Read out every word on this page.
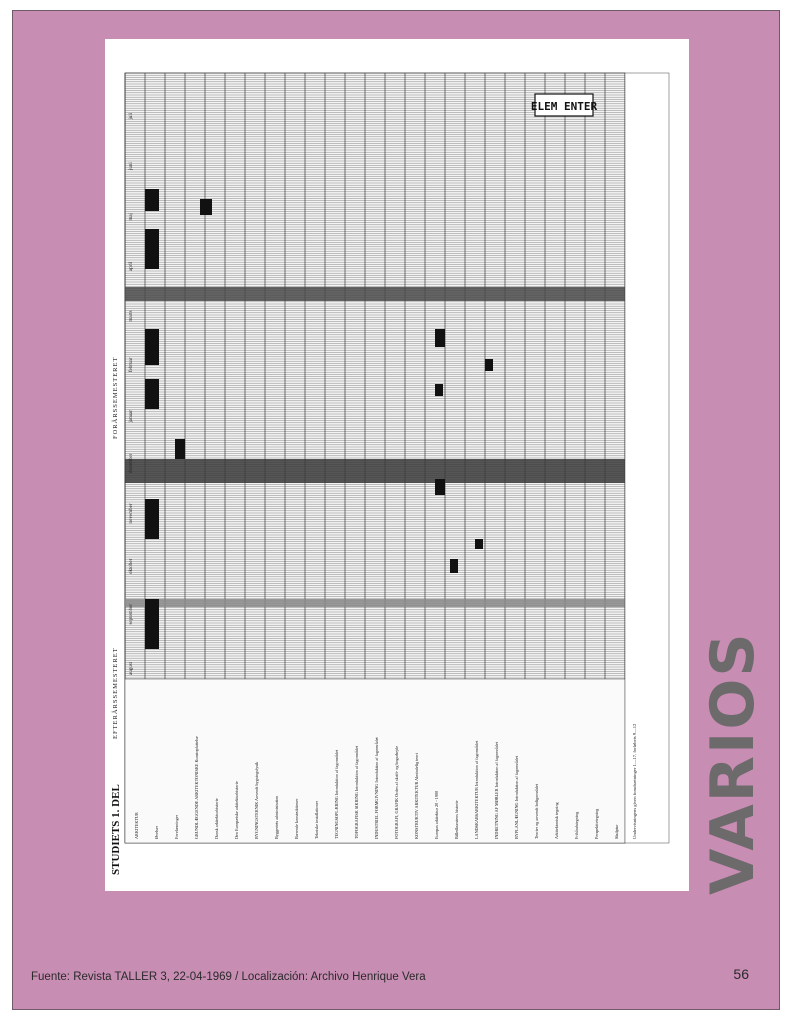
STUDIETS 1. DEL
EFTERÅRSSEMESTERET
FORÅRSSEMESTERET
august
september
oktober
november
december
januar
februar
marts
april
maj
juni
juli
ARKITEKTUR	Øvelser	Forelæsninger	GRUNDLÆGGENDE ARKITEKTONISKE Kunstopfattelse	Dansk arkitekturhistorie	Den Europæiske arkitekturhistorie	BYGNINGSTEKNIK Anvendt bygningsfysik	Byggeriets administration	Bærende konstruktioner	Tekniske installationer	TEGNINGSOPLÆRING Introduktion af fagområdet	TOPOGRAFISK SIKRING Introduktion af fagområdet	INDUSTRIEL FORMGIVNING Introduktion af fagområdet	FOTOGRAFI, GRAFIK Orden af skrift- og bogarbejde	KONSTRUKTIV ARKITEKTUR Almindelig teori	Europas arkitektur 20 - 1900	Billedkunstens historie	LANDSKABSARKITEKTUR Introduktion af fagområdet	INDRETNING AF MØBLER Introduktion af fagområdet	BYPLANLÆGNING Introduktion af fagområdet	Teorier og anvendt boligområdet	Arkitektonisk tegning	Frihåndstegning	Perspektivtegning	Skulptur	Undervisningens given forudsætninger 1—17, forløbets 9—12
ELEM ENTER
VARIOS
Fuente: Revista TALLER 3, 22-04-1969 / Localización: Archivo Henrique Vera	56
